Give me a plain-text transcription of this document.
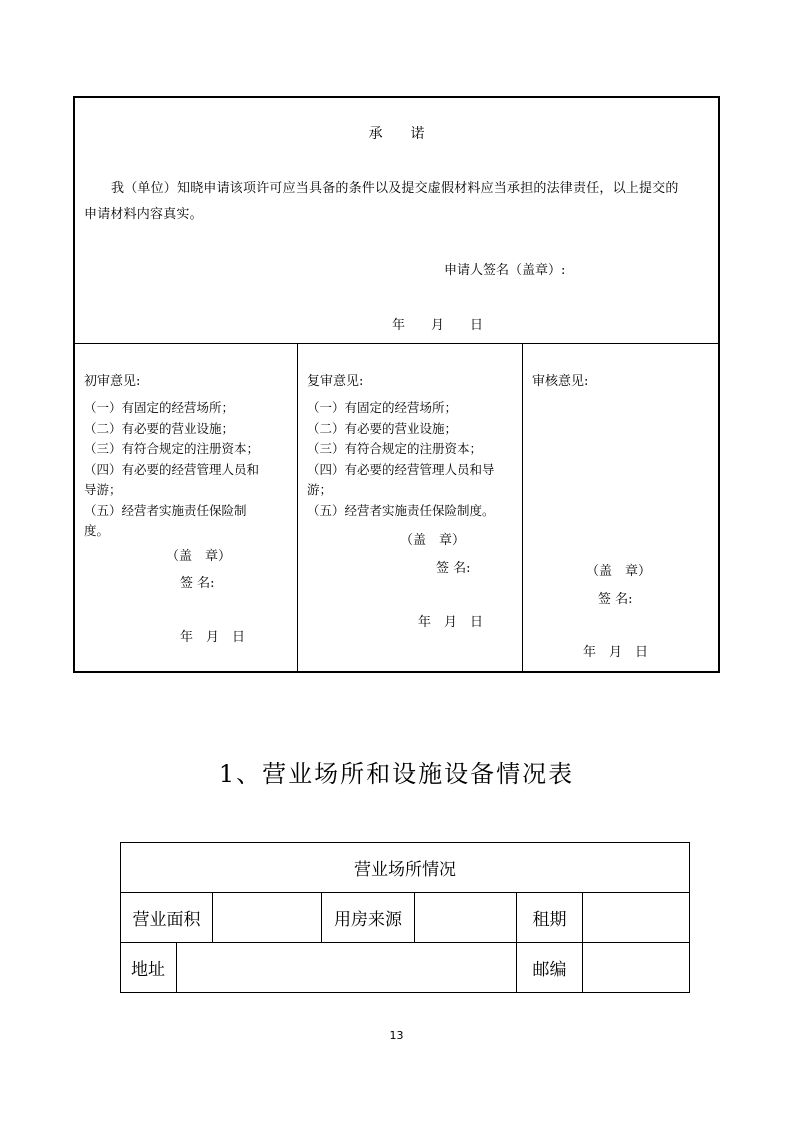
承　　诺
我（单位）知晓申请该项许可应当具备的条件以及提交虚假材料应当承担的法律责任，以上提交的
申请材料内容真实。
申请人签名（盖章）:
年　　月　　日
初审意见:
（一）有固定的经营场所；
（二）有必要的营业设施；
（三）有符合规定的注册资本；
（四）有必要的经营管理人员和
导游；
（五）经营者实施责任保险制
度。
（盖　章）
签 名:
年　月　日
复审意见:
（一）有固定的经营场所；
（二）有必要的营业设施；
（三）有符合规定的注册资本；
（四）有必要的经营管理人员和导
游；
（五）经营者实施责任保险制度。
（盖　章）
签 名:
年　月　日
审核意见:
（盖　章）
签 名:
年　月　日
1、营业场所和设施设备情况表
营业场所情况						
营业面积			用房来源		租期	
地址					邮编	
13
